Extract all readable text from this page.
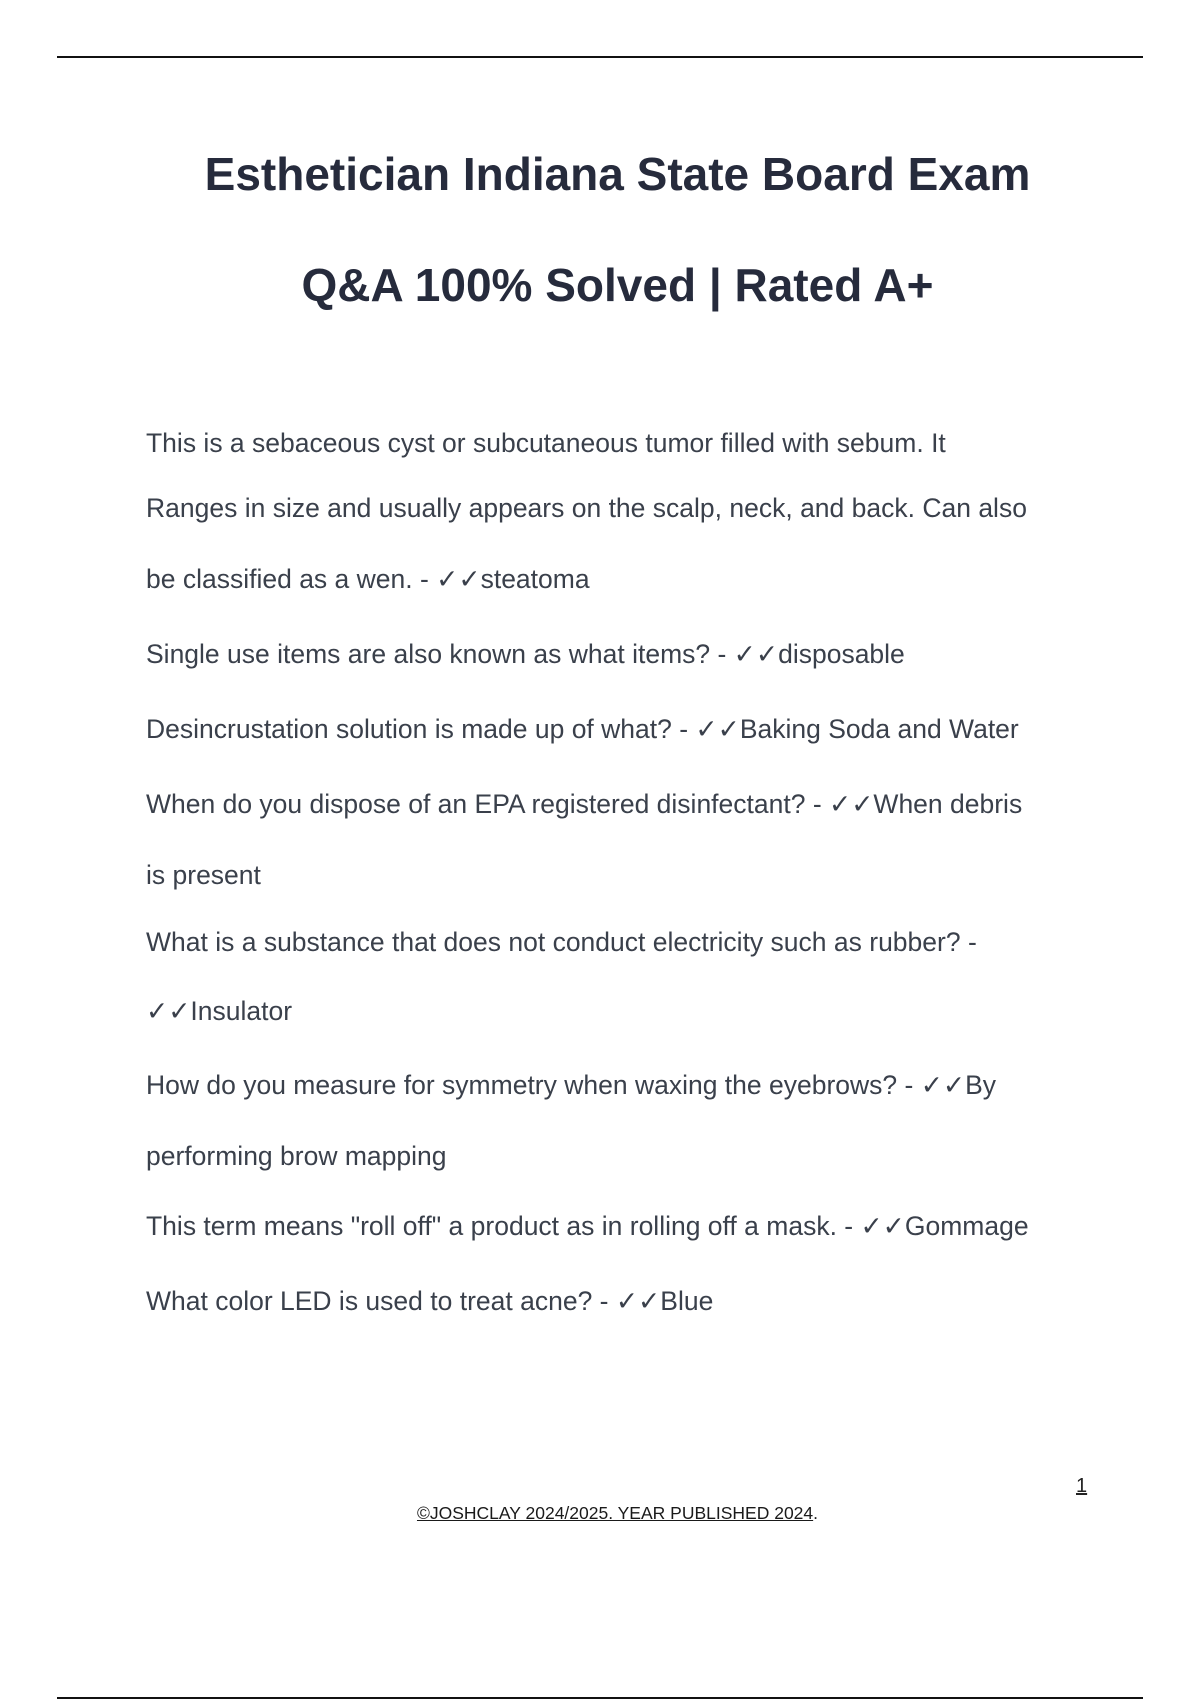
Esthetician Indiana State Board Exam
Q&A 100% Solved | Rated A+
This is a sebaceous cyst or subcutaneous tumor filled with sebum. It
Ranges in size and usually appears on the scalp, neck, and back. Can also
be classified as a wen. - ✓✓steatoma
Single use items are also known as what items? - ✓✓disposable
Desincrustation solution is made up of what? - ✓✓Baking Soda and Water
When do you dispose of an EPA registered disinfectant? - ✓✓When debris
is present
What is a substance that does not conduct electricity such as rubber? -
✓✓Insulator
How do you measure for symmetry when waxing the eyebrows? - ✓✓By
performing brow mapping
This term means "roll off" a product as in rolling off a mask. - ✓✓Gommage
What color LED is used to treat acne? - ✓✓Blue
1
©JOSHCLAY 2024/2025. YEAR PUBLISHED 2024.
